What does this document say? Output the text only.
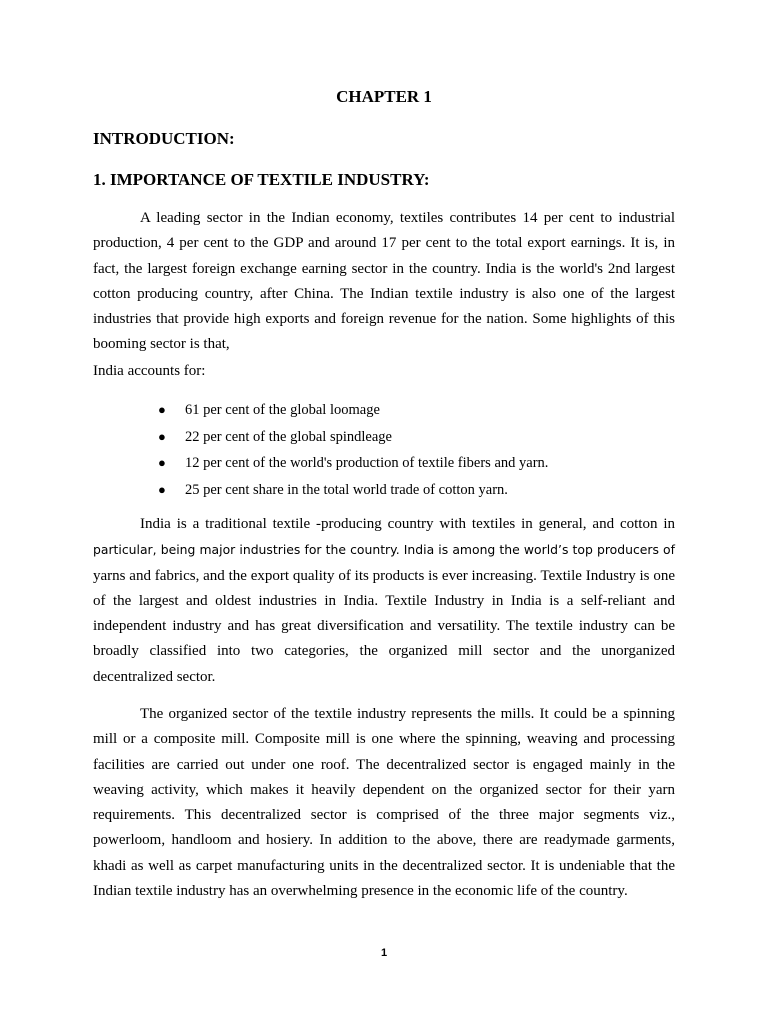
CHAPTER 1
INTRODUCTION:
1. IMPORTANCE OF TEXTILE INDUSTRY:

A leading sector in the Indian economy, textiles contributes 14 per cent to industrial production, 4 per cent to the GDP and around 17 per cent to the total export earnings. It is, in fact, the largest foreign exchange earning sector in the country. India is the world's 2nd largest cotton producing country, after China. The Indian textile industry is also one of the largest industries that provide high exports and foreign revenue for the nation. Some highlights of this booming sector is that,

India accounts for:

● 61 per cent of the global loomage
● 22 per cent of the global spindleage
● 12 per cent of the world's production of textile fibers and yarn.
● 25 per cent share in the total world trade of cotton yarn.

India is a traditional textile -producing country with textiles in general, and cotton in particular, being major industries for the country. India is among the world’s top producers of yarns and fabrics, and the export quality of its products is ever increasing. Textile Industry is one of the largest and oldest industries in India. Textile Industry in India is a self-reliant and independent industry and has great diversification and versatility. The textile industry can be broadly classified into two categories, the organized mill sector and the unorganized decentralized sector.

The organized sector of the textile industry represents the mills. It could be a spinning mill or a composite mill. Composite mill is one where the spinning, weaving and processing facilities are carried out under one roof. The decentralized sector is engaged mainly in the weaving activity, which makes it heavily dependent on the organized sector for their yarn requirements. This decentralized sector is comprised of the three major segments viz., powerloom, handloom and hosiery. In addition to the above, there are readymade garments, khadi as well as carpet manufacturing units in the decentralized sector. It is undeniable that the Indian textile industry has an overwhelming presence in the economic life of the country.

1
